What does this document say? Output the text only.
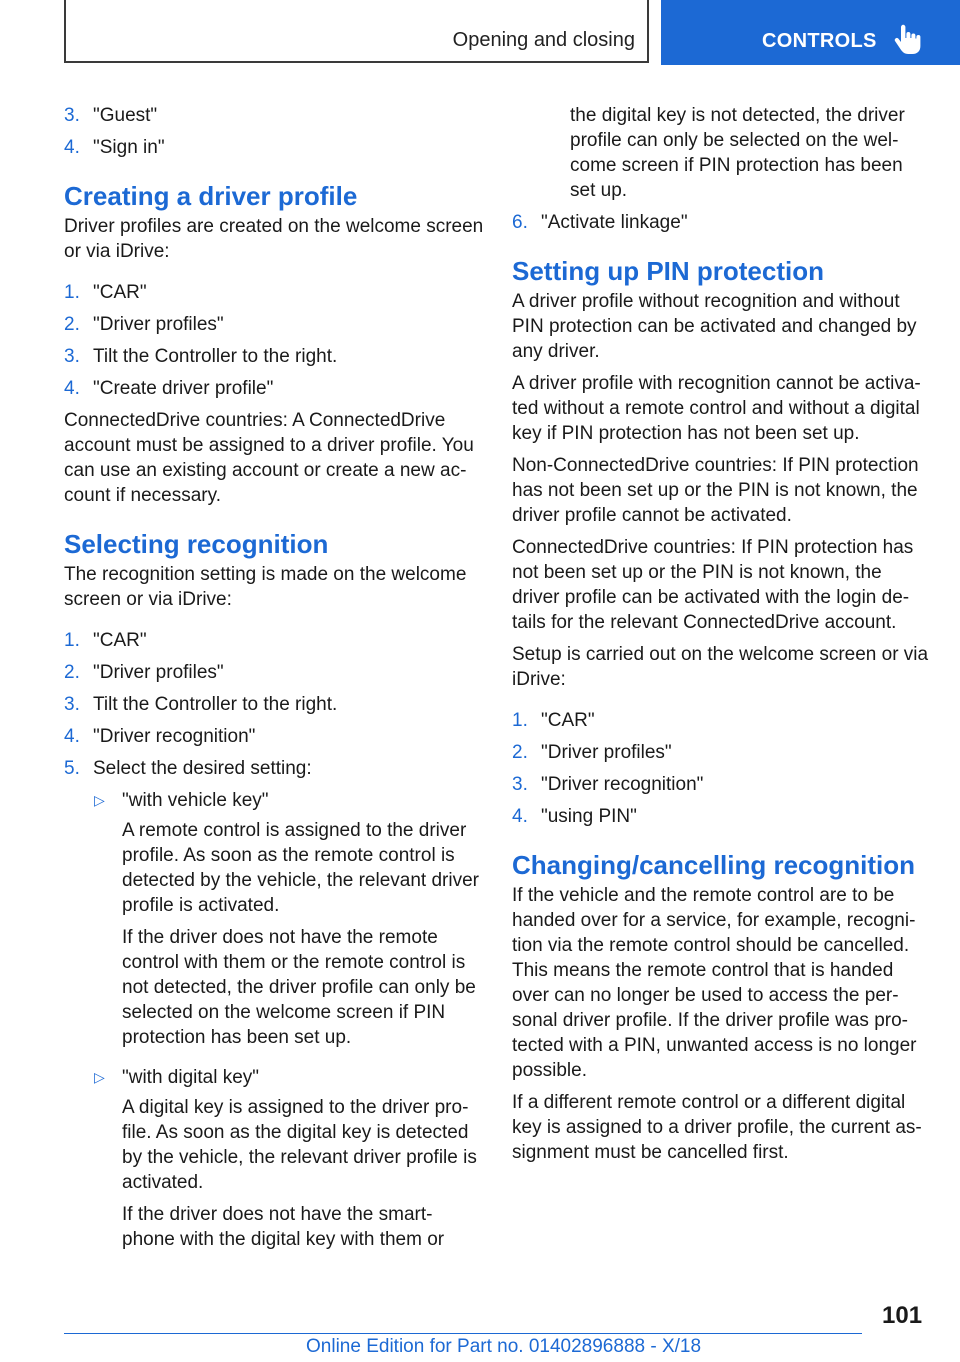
Opening and closing	CONTROLS
3. "Guest"
4. "Sign in"
Creating a driver profile

Driver profiles are created on the welcome screen or via iDrive:

1. "CAR"
2. "Driver profiles"
3. Tilt the Controller to the right.
4. "Create driver profile"

ConnectedDrive countries: A ConnectedDrive account must be assigned to a driver profile. You can use an existing account or create a new ac-count if necessary.

Selecting recognition

The recognition setting is made on the welcome screen or via iDrive:

1. "CAR"
2. "Driver profiles"
3. Tilt the Controller to the right.
4. "Driver recognition"
5. Select the desired setting:
▷ "with vehicle key"

A remote control is assigned to the driver profile. As soon as the remote control is detected by the vehicle, the relevant driver profile is activated.

If the driver does not have the remote control with them or the remote control is not detected, the driver profile can only be selected on the welcome screen if PIN protection has been set up.

▷ "with digital key"

A digital key is assigned to the driver pro-file. As soon as the digital key is detected by the vehicle, the relevant driver profile is activated.

If the driver does not have the smart-phone with the digital key with them or

the digital key is not detected, the driver profile can only be selected on the wel-come screen if PIN protection has been set up.

6. "Activate linkage"
Setting up PIN protection

A driver profile without recognition and without PIN protection can be activated and changed by any driver.

A driver profile with recognition cannot be activa-ted without a remote control and without a digital key if PIN protection has not been set up.

Non-ConnectedDrive countries: If PIN protection has not been set up or the PIN is not known, the driver profile cannot be activated.

ConnectedDrive countries: If PIN protection has not been set up or the PIN is not known, the driver profile can be activated with the login de-tails for the relevant ConnectedDrive account.

Setup is carried out on the welcome screen or via iDrive:

1. "CAR"
2. "Driver profiles"
3. "Driver recognition"
4. "using PIN"
Changing/cancelling recognition

If the vehicle and the remote control are to be handed over for a service, for example, recogni-tion via the remote control should be cancelled. This means the remote control that is handed over can no longer be used to access the per-sonal driver profile. If the driver profile was pro-tected with a PIN, unwanted access is no longer possible.

If a different remote control or a different digital key is assigned to a driver profile, the current as-signment must be cancelled first.

101
Online Edition for Part no. 01402896888 - X/18
